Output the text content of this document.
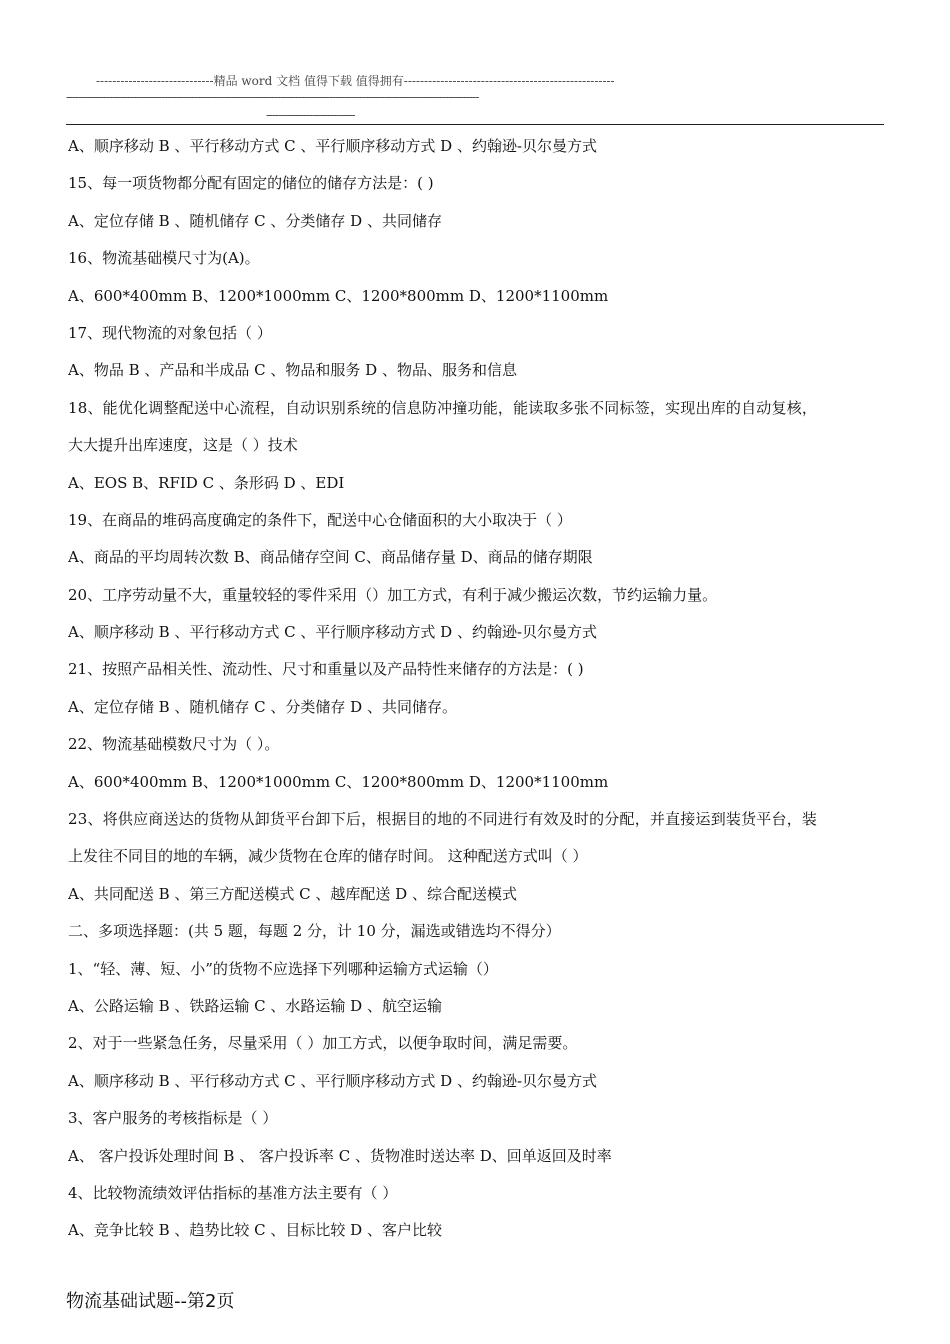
-----------------------------精品 word 文档 值得下载 值得拥有----------------------------------------------------
---------------------------------------------------------------------------------------------------------------------------------------
-----------------------------
A、顺序移动 B 、平行移动方式 C 、平行顺序移动方式 D 、约翰逊-贝尔曼方式
15、每一项货物都分配有固定的储位的储存方法是：( )
A、定位存储 B 、随机储存 C 、分类储存 D 、共同储存
16、物流基础模尺寸为(A)。
A、600*400mm B、1200*1000mm C、1200*800mm D、1200*1100mm
17、现代物流的对象包括（ ）
A、物品 B 、产品和半成品 C 、物品和服务 D 、物品、服务和信息
18、能优化调整配送中心流程，自动识别系统的信息防冲撞功能，能读取多张不同标签，实现出库的自动复核，
大大提升出库速度，这是（ ）技术
A、EOS B、RFID C 、条形码 D 、EDI
19、在商品的堆码高度确定的条件下，配送中心仓储面积的大小取决于（ ）
A、商品的平均周转次数 B、商品储存空间 C、商品储存量 D、商品的储存期限
20、工序劳动量不大，重量较轻的零件采用（）加工方式，有利于减少搬运次数，节约运输力量。
A、顺序移动 B 、平行移动方式 C 、平行顺序移动方式 D 、约翰逊-贝尔曼方式
21、按照产品相关性、流动性、尺寸和重量以及产品特性来储存的方法是：( )
A、定位存储 B 、随机储存 C 、分类储存 D 、共同储存。
22、物流基础模数尺寸为（ ）。
A、600*400mm B、1200*1000mm C、1200*800mm D、1200*1100mm
23、将供应商送达的货物从卸货平台卸下后，根据目的地的不同进行有效及时的分配，并直接运到装货平台，装
上发往不同目的地的车辆，减少货物在仓库的储存时间。 这种配送方式叫（ ）
A、共同配送 B 、第三方配送模式 C 、越库配送 D 、综合配送模式
二、多项选择题：(共 5 题，每题 2 分，计 10 分，漏选或错选均不得分）
1、“轻、薄、短、小”的货物不应选择下列哪种运输方式运输（）
A、公路运输 B 、铁路运输 C 、水路运输 D 、航空运输
2、对于一些紧急任务，尽量采用（ ）加工方式，以便争取时间，满足需要。
A、顺序移动 B 、平行移动方式 C 、平行顺序移动方式 D 、约翰逊-贝尔曼方式
3、客户服务的考核指标是（ ）
A、 客户投诉处理时间 B 、 客户投诉率 C 、货物准时送达率 D、回单返回及时率
4、比较物流绩效评估指标的基准方法主要有（ ）
A、竞争比较 B 、趋势比较 C 、目标比较 D 、客户比较
物流基础试题--第2页
